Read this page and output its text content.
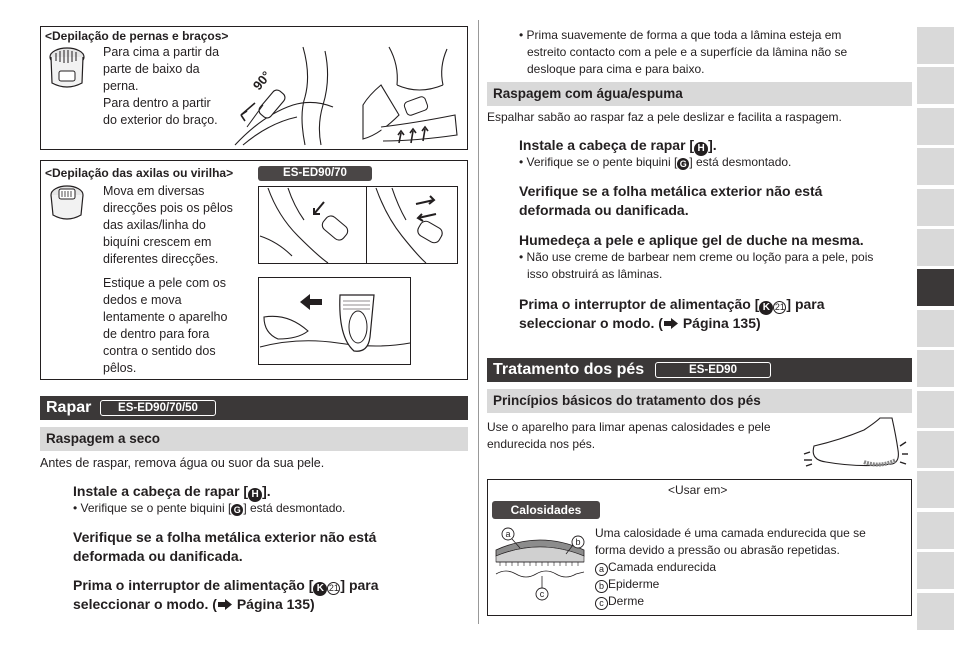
<Depilação de pernas e braços>
Para cima a partir da
parte de baixo da
perna.
Para dentro a partir
do exterior do braço.
90°
<Depilação das axilas ou virilha>	ES-ED90/70
Mova em diversas
direcções pois os pêlos
das axilas/linha do
biquíni crescem em
diferentes direcções.
Estique a pele com os
dedos e mova
lentamente o aparelho
de dentro para fora
contra o sentido dos
pêlos.
Rapar	ES-ED90/70/50
Raspagem a seco
Antes de raspar, remova água ou suor da sua pele.
Instale a cabeça de rapar [ H ].
• Verifique se o pente biquini [ G ] está desmontado.
Verifique se a folha metálica exterior não está
deformada ou danificada.
Prima o interruptor de alimentação [ K 21 ] para
seleccionar o modo. ( Página 135)
• Prima suavemente de forma a que toda a lâmina esteja em
estreito contacto com a pele e a superfície da lâmina não se
desloque para cima e para baixo.
Raspagem com água/espuma
Espalhar sabão ao raspar faz a pele deslizar e facilita a raspagem.
Instale a cabeça de rapar [ H ].
• Verifique se o pente biquini [ G ] está desmontado.
Verifique se a folha metálica exterior não está
deformada ou danificada.
Humedeça a pele e aplique gel de duche na mesma.
• Não use creme de barbear nem creme ou loção para a pele, pois
isso obstruirá as lâminas.
Prima o interruptor de alimentação [ K 21 ] para
seleccionar o modo. ( Página 135)
Tratamento dos pés	ES-ED90
Princípios básicos do tratamento dos pés
Use o aparelho para limar apenas calosidades e pele
endurecida nos pés.
<Usar em>
Calosidades
a
b
c
Uma calosidade é uma camada endurecida que se
forma devido a pressão ou abrasão repetidas.
a Camada endurecida
b Epiderme
c Derme
